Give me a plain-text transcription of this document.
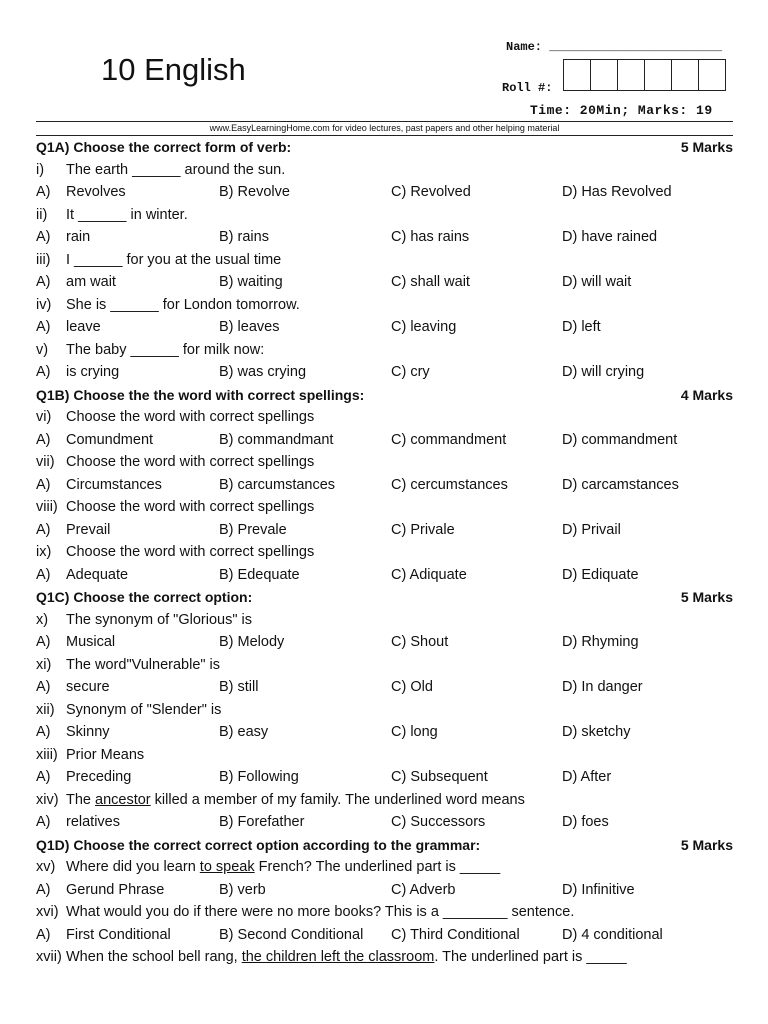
10 English
Name: ________________________
Roll #:
Time: 20Min; Marks: 19
www.EasyLearningHome.com for video lectures, past papers and other helping material
Q1A) Choose the correct form of verb:	5 Marks
i) The earth ______ around the sun.
A) Revolves	B) Revolve	C) Revolved	D) Has Revolved
ii) It ______ in winter.
A) rain	B) rains	C) has rains	D) have rained
iii) I ______ for you at the usual time
A) am wait	B) waiting	C) shall wait	D) will wait
iv) She is ______ for London tomorrow.
A) leave	B) leaves	C) leaving	D) left
v) The baby ______ for milk now:
A) is crying	B) was crying	C) cry	D) will crying
Q1B) Choose the the word with correct spellings:	4 Marks
vi) Choose the word with correct spellings
A) Comundment	B) commandmant	C) commandment	D) commandment
vii) Choose the word with correct spellings
A) Circumstances	B) carcumstances	C) cercumstances	D) carcamstances
viii) Choose the word with correct spellings
A) Prevail	B) Prevale	C) Privale	D) Privail
ix) Choose the word with correct spellings
A) Adequate	B) Edequate	C) Adiquate	D) Ediquate
Q1C) Choose the correct option:	5 Marks
x) The synonym of "Glorious" is
A) Musical	B) Melody	C) Shout	D) Rhyming
xi) The word"Vulnerable" is
A) secure	B) still	C) Old	D) In danger
xii) Synonym of "Slender" is
A) Skinny	B) easy	C) long	D) sketchy
xiii) Prior Means
A) Preceding	B) Following	C) Subsequent	D) After
xiv) The ancestor killed a member of my family. The underlined word means
A) relatives	B) Forefather	C) Successors	D) foes
Q1D) Choose the correct correct option according to the grammar:	5 Marks
xv) Where did you learn to speak French? The underlined part is _____
A) Gerund Phrase	B) verb	C) Adverb	D) Infinitive
xvi) What would you do if there were no more books? This is a ________ sentence.
A) First Conditional	B) Second Conditional C) Third Conditional	D) 4 conditional
xvii) When the school bell rang, the children left the classroom. The underlined part is _____
